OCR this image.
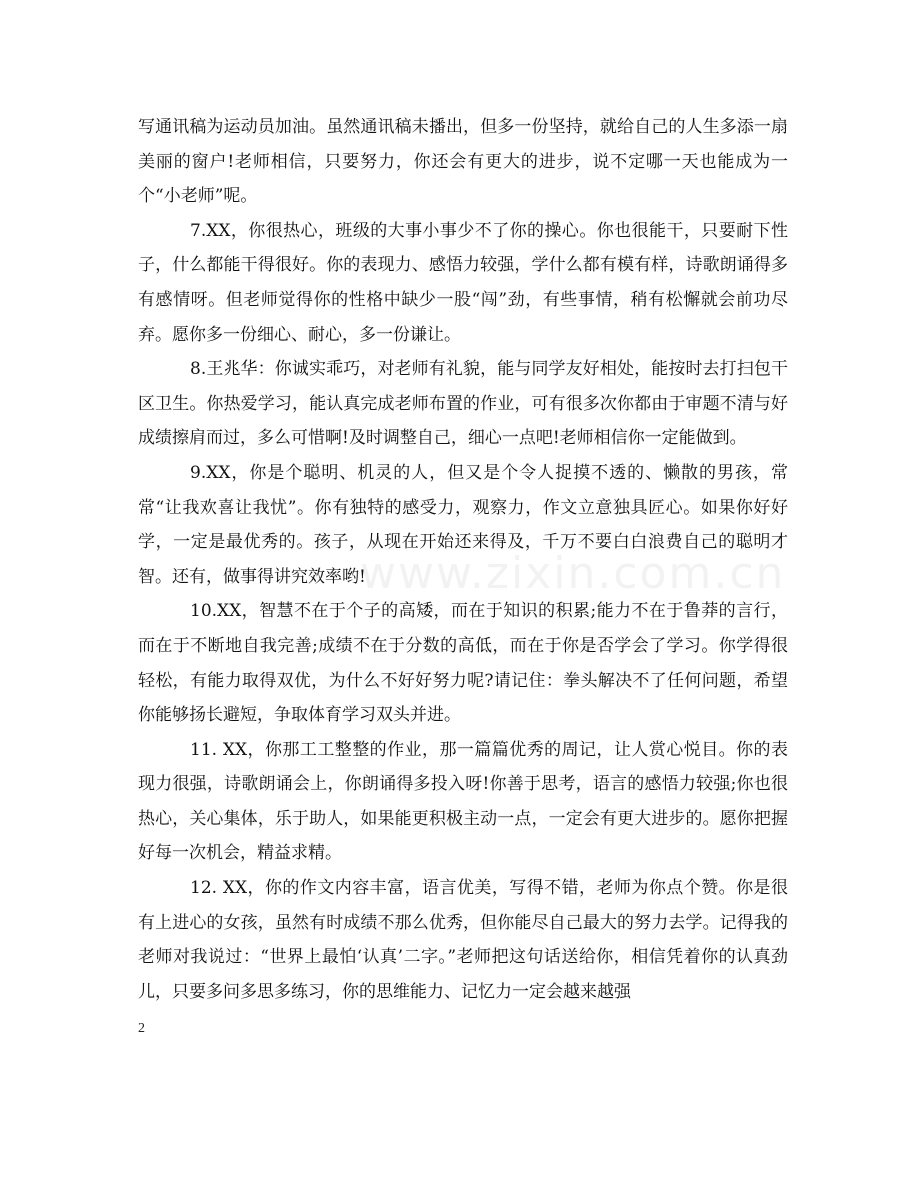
www.zixin.com.cn

写通讯稿为运动员加油。虽然通讯稿未播出，但多一份坚持，就给自己的人生多添一扇美丽的窗户!老师相信，只要努力，你还会有更大的进步，说不定哪一天也能成为一个“小老师”呢。

7.XX，你很热心，班级的大事小事少不了你的操心。你也很能干，只要耐下性子，什么都能干得很好。你的表现力、感悟力较强，学什么都有模有样，诗歌朗诵得多有感情呀。但老师觉得你的性格中缺少一股“闯”劲，有些事情，稍有松懈就会前功尽弃。愿你多一份细心、耐心，多一份谦让。

8.王兆华：你诚实乖巧，对老师有礼貌，能与同学友好相处，能按时去打扫包干区卫生。你热爱学习，能认真完成老师布置的作业，可有很多次你都由于审题不清与好成绩擦肩而过，多么可惜啊!及时调整自己，细心一点吧!老师相信你一定能做到。

9.XX，你是个聪明、机灵的人，但又是个令人捉摸不透的、懒散的男孩，常常“让我欢喜让我忧”。你有独特的感受力，观察力，作文立意独具匠心。如果你好好学，一定是最优秀的。孩子，从现在开始还来得及，千万不要白白浪费自己的聪明才智。还有，做事得讲究效率哟!

10.XX，智慧不在于个子的高矮，而在于知识的积累;能力不在于鲁莽的言行，而在于不断地自我完善;成绩不在于分数的高低，而在于你是否学会了学习。你学得很轻松，有能力取得双优，为什么不好好努力呢?请记住：拳头解决不了任何问题，希望你能够扬长避短，争取体育学习双头并进。

11. XX，你那工工整整的作业，那一篇篇优秀的周记，让人赏心悦目。你的表现力很强，诗歌朗诵会上，你朗诵得多投入呀!你善于思考，语言的感悟力较强;你也很热心，关心集体，乐于助人，如果能更积极主动一点，一定会有更大进步的。愿你把握好每一次机会，精益求精。

12. XX，你的作文内容丰富，语言优美，写得不错，老师为你点个赞。你是很有上进心的女孩，虽然有时成绩不那么优秀，但你能尽自己最大的努力去学。记得我的老师对我说过：“世界上最怕‘认真’二字。”老师把这句话送给你，相信凭着你的认真劲儿，只要多问多思多练习，你的思维能力、记忆力一定会越来越强

2
